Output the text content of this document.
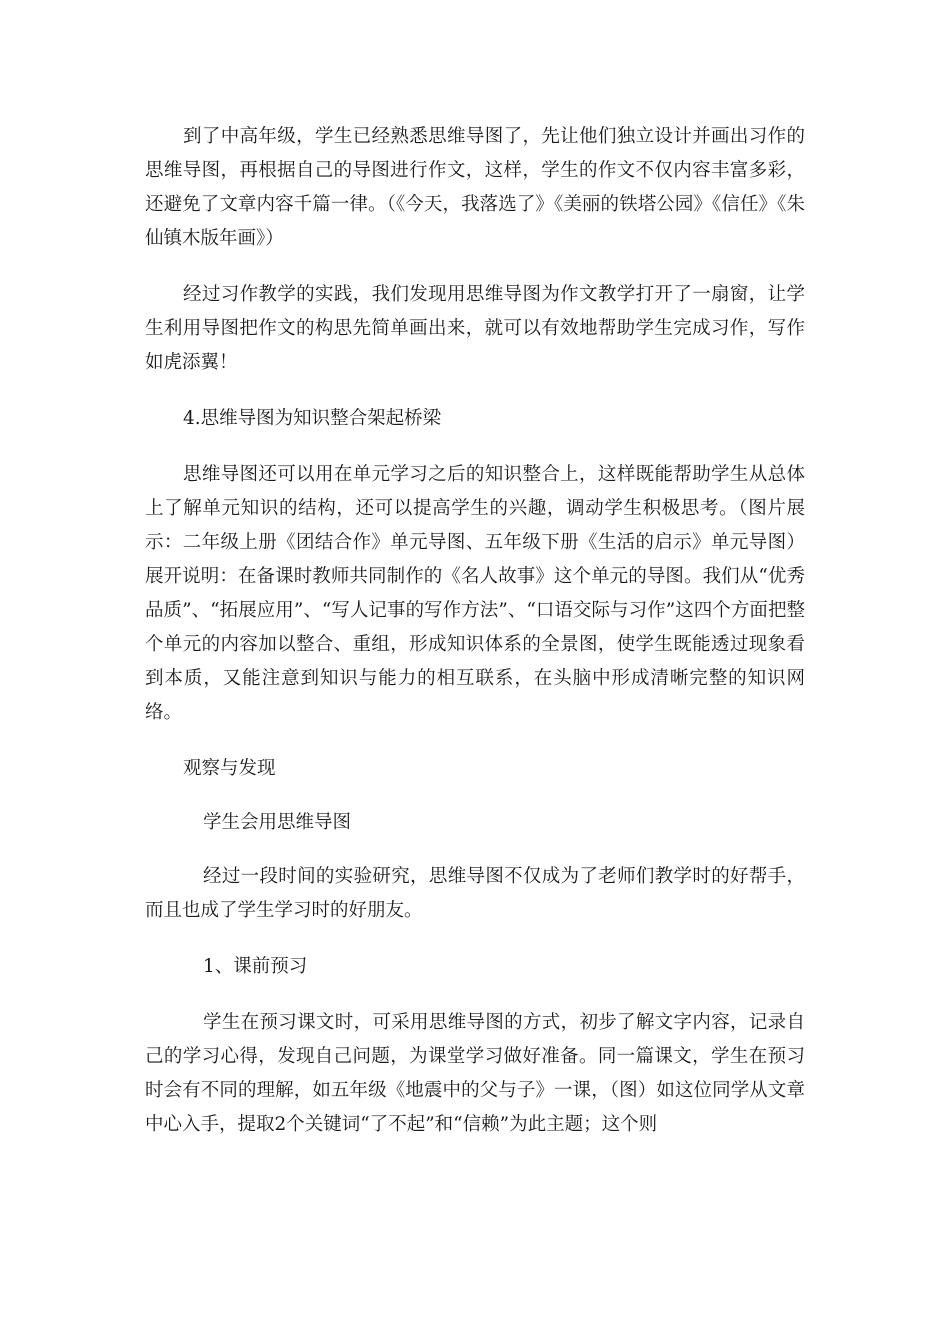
到了中高年级，学生已经熟悉思维导图了，先让他们独立设计并画出习作的思维导图，再根据自己的导图进行作文，这样，学生的作文不仅内容丰富多彩，还避免了文章内容千篇一律。（《今天，我落选了》《美丽的铁塔公园》《信任》《朱仙镇木版年画》）

经过习作教学的实践，我们发现用思维导图为作文教学打开了一扇窗，让学生利用导图把作文的构思先简单画出来，就可以有效地帮助学生完成习作，写作如虎添翼！

4.思维导图为知识整合架起桥梁

思维导图还可以用在单元学习之后的知识整合上，这样既能帮助学生从总体上了解单元知识的结构，还可以提高学生的兴趣，调动学生积极思考。（图片展示：二年级上册《团结合作》单元导图、五年级下册《生活的启示》单元导图）展开说明：在备课时教师共同制作的《名人故事》这个单元的导图。我们从“优秀品质”、“拓展应用”、“写人记事的写作方法”、“口语交际与习作”这四个方面把整个单元的内容加以整合、重组，形成知识体系的全景图，使学生既能透过现象看到本质，又能注意到知识与能力的相互联系，在头脑中形成清晰完整的知识网络。

观察与发现

学生会用思维导图

经过一段时间的实验研究，思维导图不仅成为了老师们教学时的好帮手，而且也成了学生学习时的好朋友。

1、课前预习

学生在预习课文时，可采用思维导图的方式，初步了解文字内容，记录自己的学习心得，发现自己问题，为课堂学习做好准备。同一篇课文，学生在预习时会有不同的理解，如五年级《地震中的父与子》一课，（图）如这位同学从文章中心入手，提取2个关键词“了不起”和“信赖”为此主题；这个则
